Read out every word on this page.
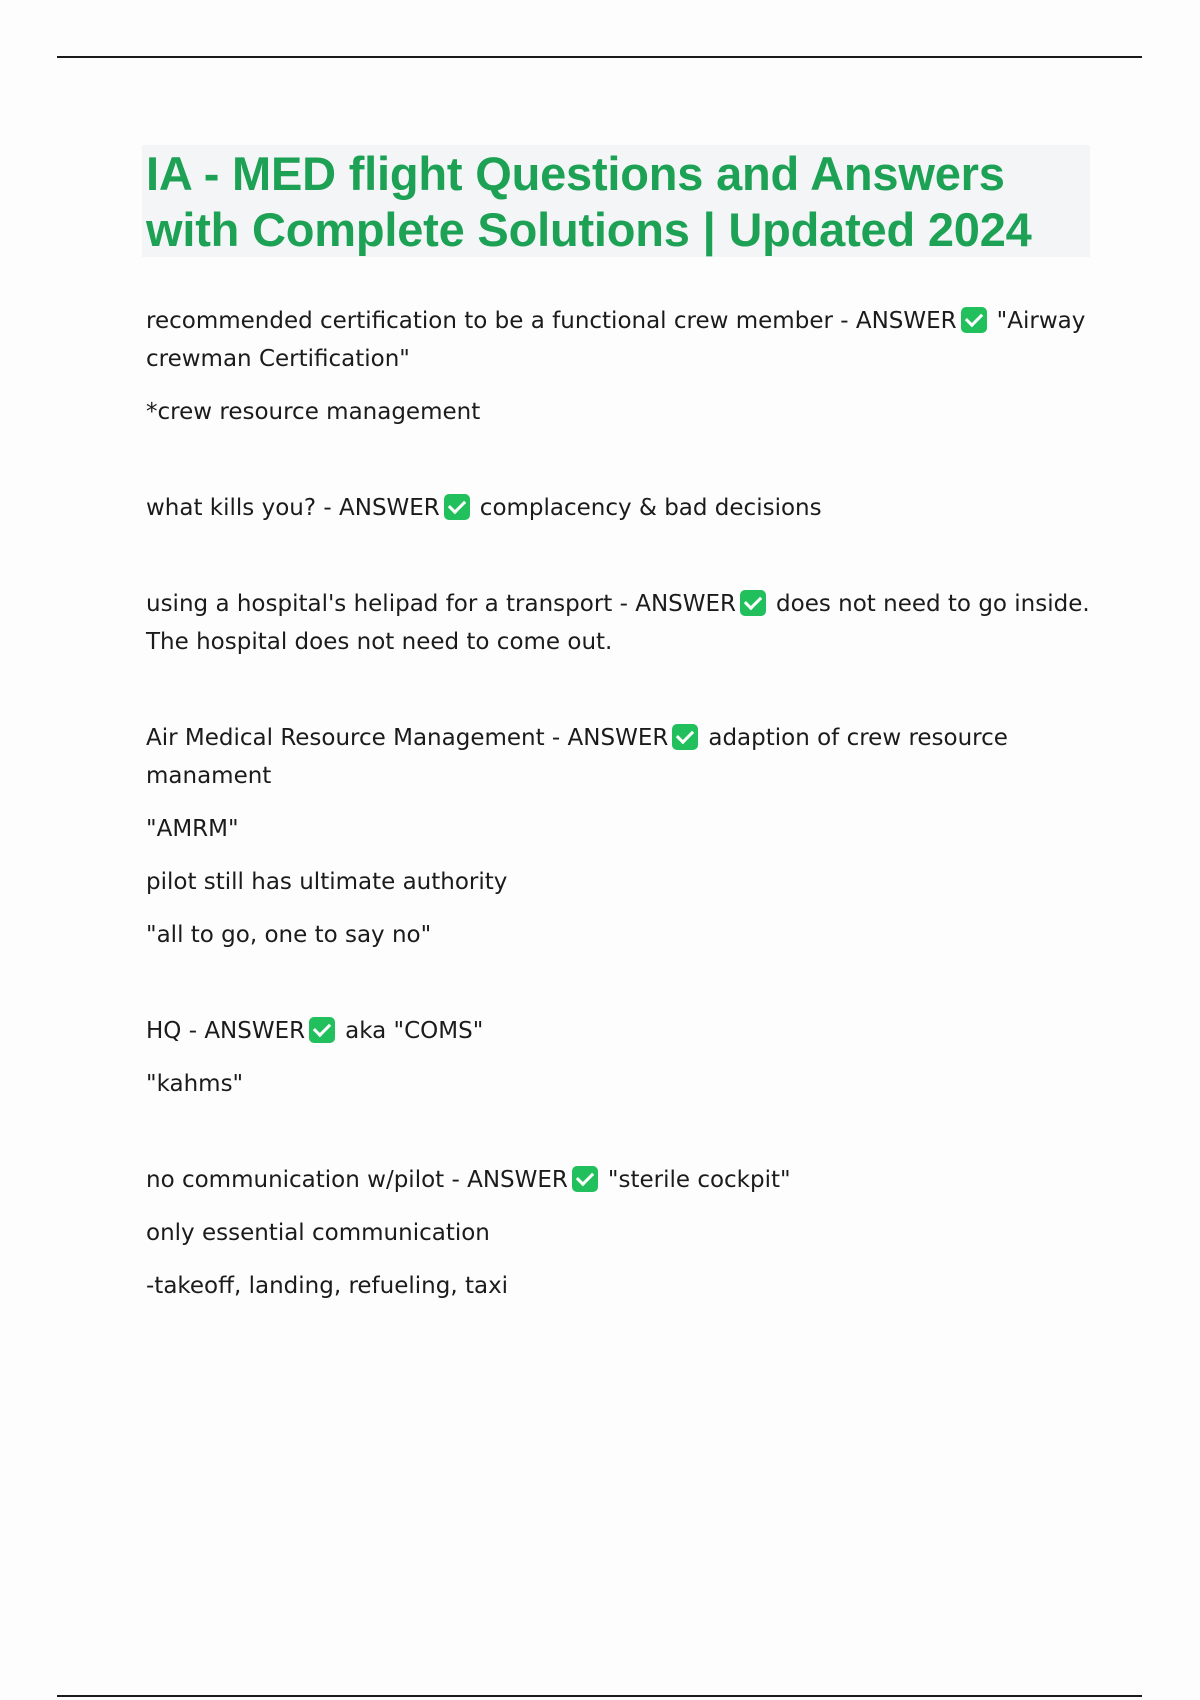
IA - MED flight Questions and Answers with Complete Solutions | Updated 2024

recommended certification to be a functional crew member - ANSWER "Airway crewman Certification"

*crew resource management

what kills you? - ANSWER complacency & bad decisions

using a hospital's helipad for a transport - ANSWER does not need to go inside. The hospital does not need to come out.

Air Medical Resource Management - ANSWER adaption of crew resource manament

"AMRM"

pilot still has ultimate authority

"all to go, one to say no"

HQ - ANSWER aka "COMS"

"kahms"

no communication w/pilot - ANSWER "sterile cockpit"

only essential communication

-takeoff, landing, refueling, taxi
